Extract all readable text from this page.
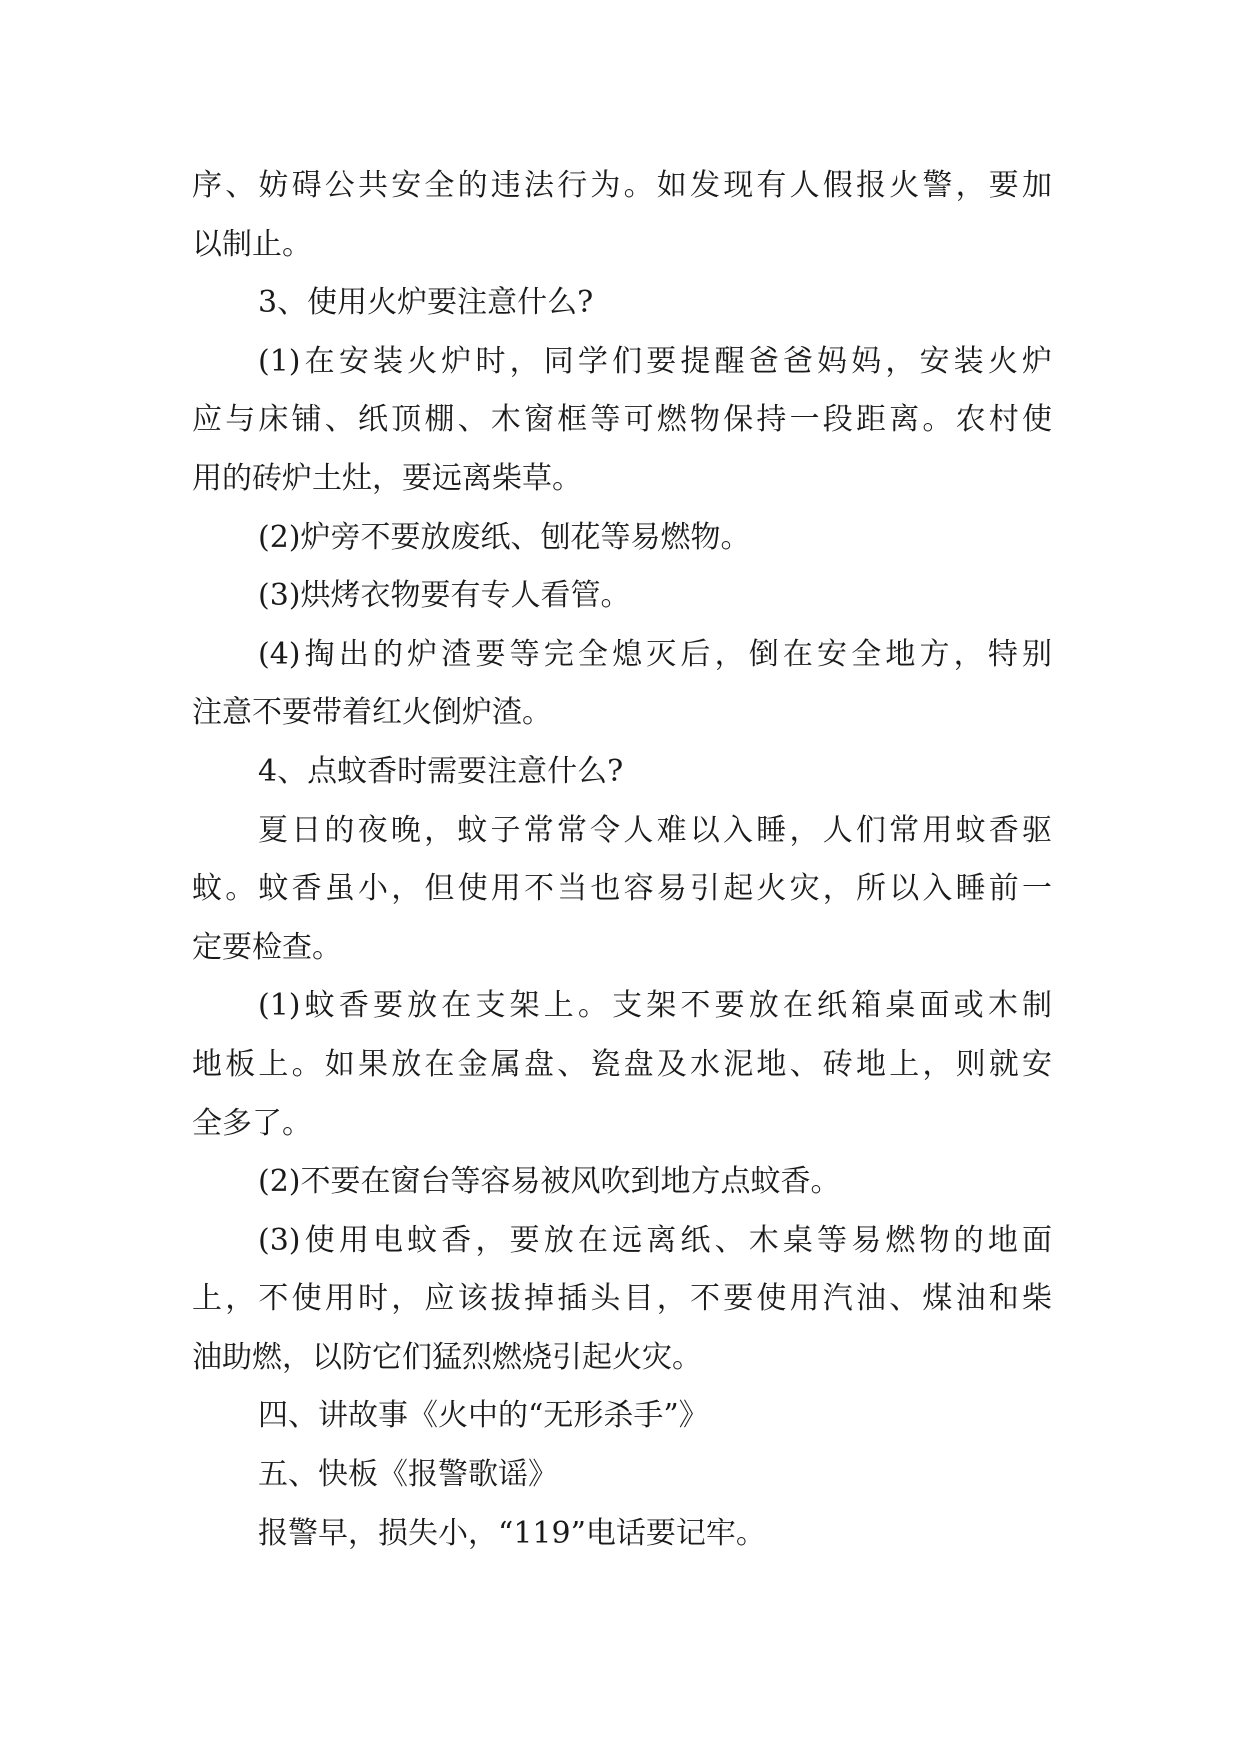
序、妨碍公共安全的违法行为。如发现有人假报火警，要加
以制止。
3、使用火炉要注意什么?
(1)在安装火炉时，同学们要提醒爸爸妈妈，安装火炉
应与床铺、纸顶棚、木窗框等可燃物保持一段距离。农村使
用的砖炉土灶，要远离柴草。
(2)炉旁不要放废纸、刨花等易燃物。
(3)烘烤衣物要有专人看管。
(4)掏出的炉渣要等完全熄灭后，倒在安全地方，特别
注意不要带着红火倒炉渣。
4、点蚊香时需要注意什么?
夏日的夜晚，蚊子常常令人难以入睡，人们常用蚊香驱
蚊。蚊香虽小，但使用不当也容易引起火灾，所以入睡前一
定要检查。
(1)蚊香要放在支架上。支架不要放在纸箱桌面或木制
地板上。如果放在金属盘、瓷盘及水泥地、砖地上，则就安
全多了。
(2)不要在窗台等容易被风吹到地方点蚊香。
(3)使用电蚊香，要放在远离纸、木桌等易燃物的地面
上，不使用时，应该拔掉插头目，不要使用汽油、煤油和柴
油助燃，以防它们猛烈燃烧引起火灾。
四、讲故事《火中的“无形杀手”》
五、快板《报警歌谣》
报警早，损失小，“119”电话要记牢。
